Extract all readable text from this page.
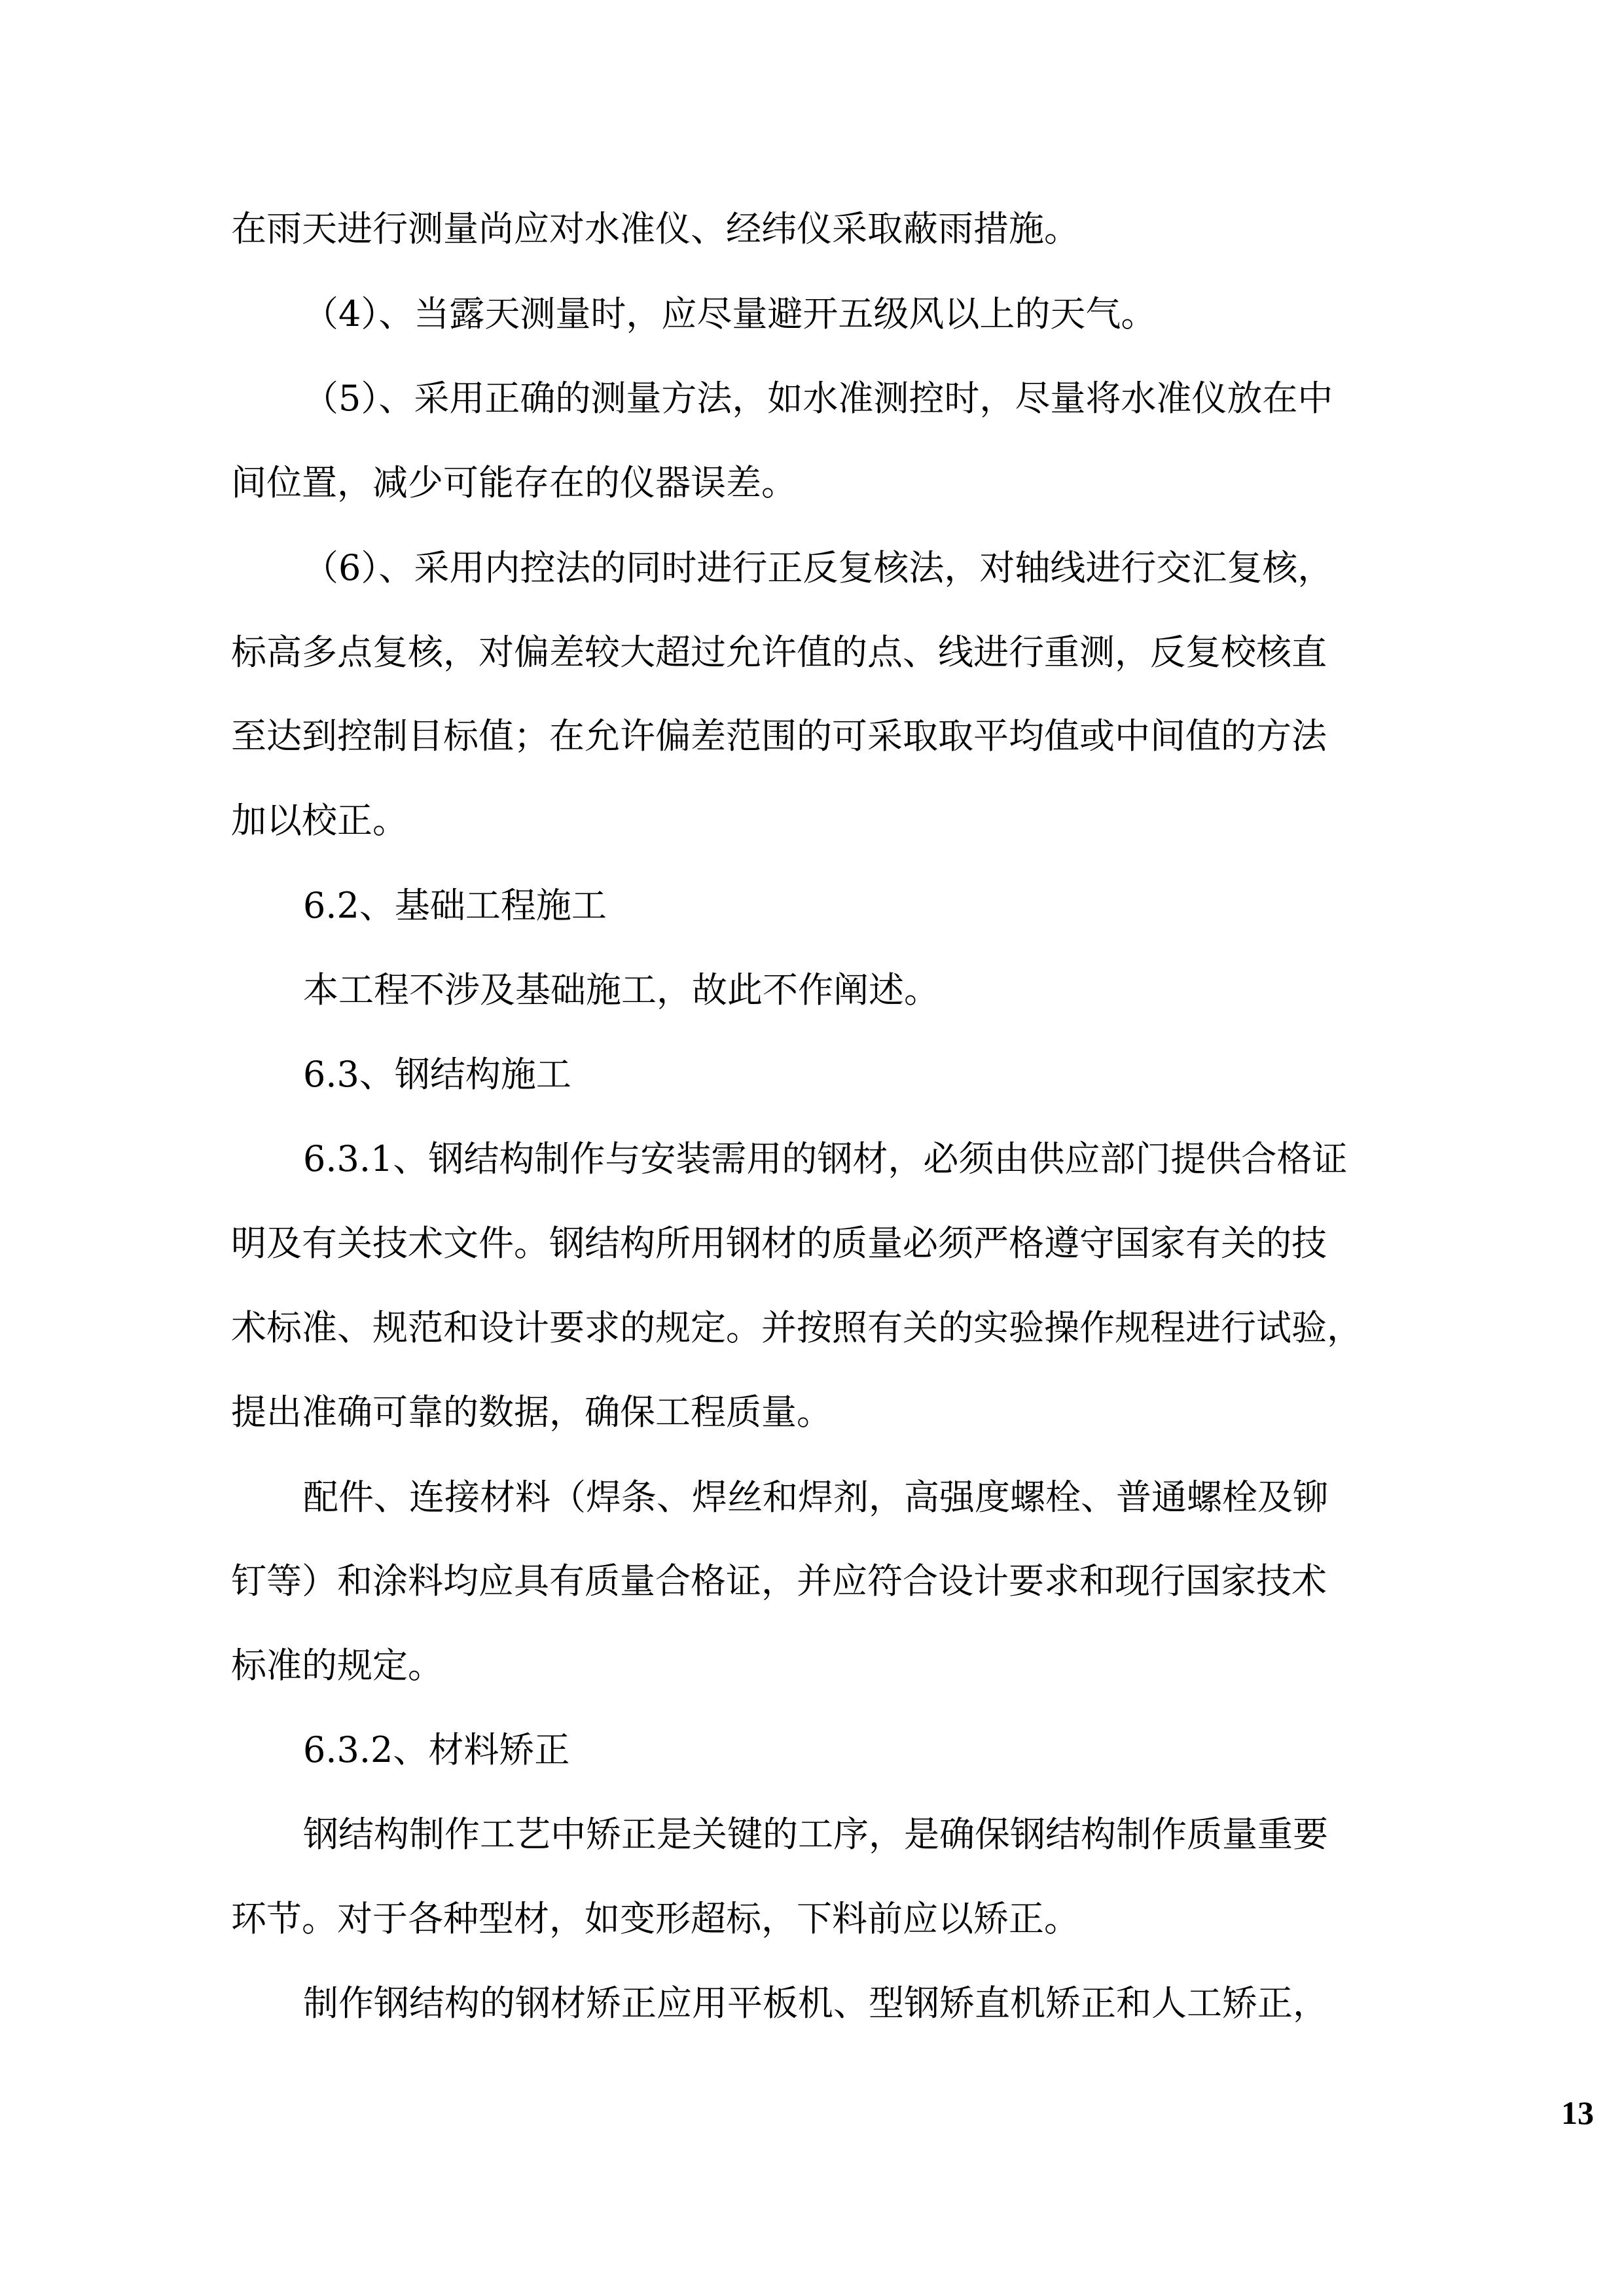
在雨天进行测量尚应对水准仪、经纬仪采取蔽雨措施。
（4）、当露天测量时，应尽量避开五级风以上的天气。
（5）、采用正确的测量方法，如水准测控时，尽量将水准仪放在中
间位置，减少可能存在的仪器误差。
（6）、采用内控法的同时进行正反复核法，对轴线进行交汇复核，
标高多点复核，对偏差较大超过允许值的点、线进行重测，反复校核直
至达到控制目标值；在允许偏差范围的可采取取平均值或中间值的方法
加以校正。
6.2、基础工程施工
本工程不涉及基础施工，故此不作阐述。
6.3、钢结构施工
6.3.1、钢结构制作与安装需用的钢材，必须由供应部门提供合格证
明及有关技术文件。钢结构所用钢材的质量必须严格遵守国家有关的技
术标准、规范和设计要求的规定。并按照有关的实验操作规程进行试验，
提出准确可靠的数据，确保工程质量。
配件、连接材料（焊条、焊丝和焊剂，高强度螺栓、普通螺栓及铆
钉等）和涂料均应具有质量合格证，并应符合设计要求和现行国家技术
标准的规定。
6.3.2、材料矫正
钢结构制作工艺中矫正是关键的工序，是确保钢结构制作质量重要
环节。对于各种型材，如变形超标，下料前应以矫正。
制作钢结构的钢材矫正应用平板机、型钢矫直机矫正和人工矫正，
13
